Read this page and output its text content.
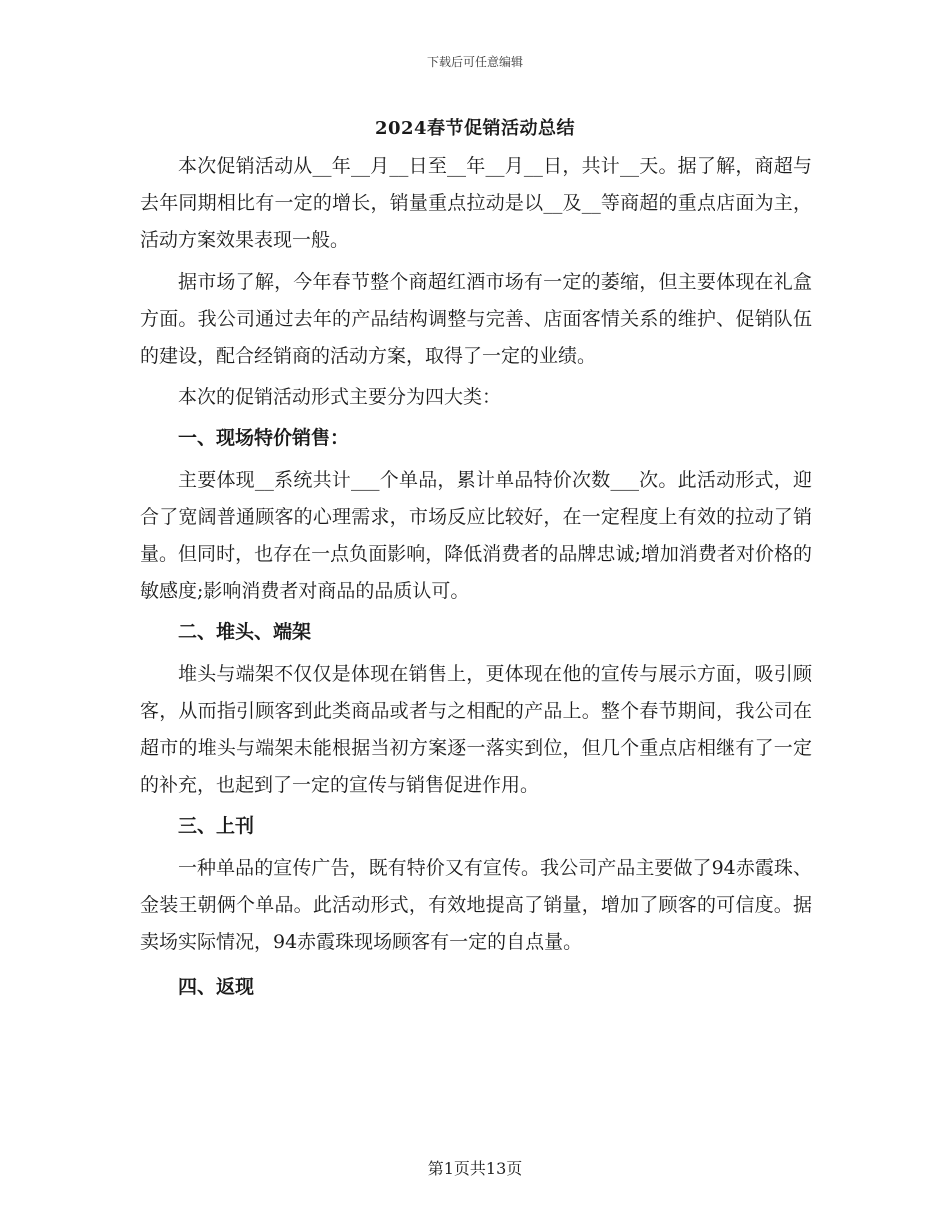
下载后可任意编辑
2024春节促销活动总结

本次促销活动从__年__月__日至__年__月__日，共计__天。据了解，商超与去年同期相比有一定的增长，销量重点拉动是以__及__等商超的重点店面为主，活动方案效果表现一般。

据市场了解，今年春节整个商超红酒市场有一定的萎缩，但主要体现在礼盒方面。我公司通过去年的产品结构调整与完善、店面客情关系的维护、促销队伍的建设，配合经销商的活动方案，取得了一定的业绩。

本次的促销活动形式主要分为四大类：

一、现场特价销售：

主要体现__系统共计___个单品，累计单品特价次数___次。此活动形式，迎合了宽阔普通顾客的心理需求，市场反应比较好，在一定程度上有效的拉动了销量。但同时，也存在一点负面影响，降低消费者的品牌忠诚;增加消费者对价格的敏感度;影响消费者对商品的品质认可。

二、堆头、端架

堆头与端架不仅仅是体现在销售上，更体现在他的宣传与展示方面，吸引顾客，从而指引顾客到此类商品或者与之相配的产品上。整个春节期间，我公司在超市的堆头与端架未能根据当初方案逐一落实到位，但几个重点店相继有了一定的补充，也起到了一定的宣传与销售促进作用。

三、上刊

一种单品的宣传广告，既有特价又有宣传。我公司产品主要做了94赤霞珠、金装王朝俩个单品。此活动形式，有效地提高了销量，增加了顾客的可信度。据卖场实际情况，94赤霞珠现场顾客有一定的自点量。

四、返现

第1页共13页
